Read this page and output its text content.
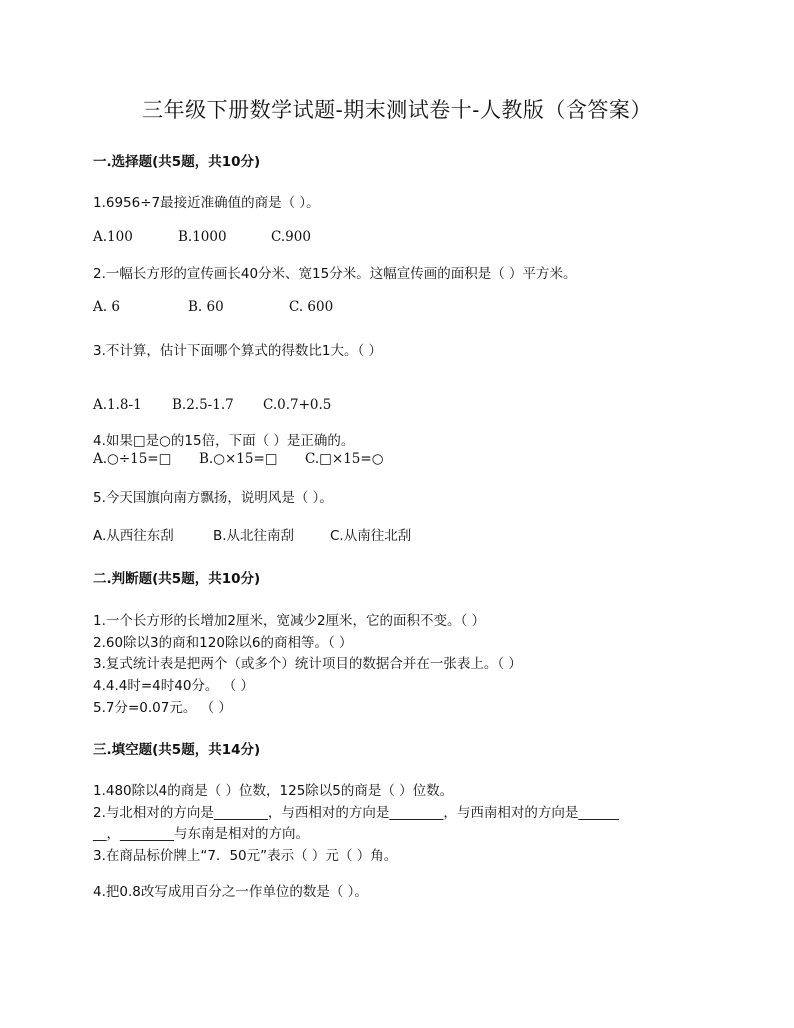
三年级下册数学试题-期末测试卷十-人教版（含答案）
一.选择题(共5题，共10分)
1.6956÷7最接近准确值的商是（ ）。
A.100	B.1000	C.900
2.一幅长方形的宣传画长40分米、宽15分米。这幅宣传画的面积是（ ）平方米。
A. 6	B. 60	C. 600
3.不计算，估计下面哪个算式的得数比1大。（ ）
A.1.8-1 B.2.5-1.7 C.0.7+0.5
4.如果□是○的15倍，下面（ ）是正确的。
A.○÷15=□ B.○×15=□ C.□×15=○
5.今天国旗向南方飘扬，说明风是（ ）。
A.从西往东刮	B.从北往南刮	C.从南往北刮
二.判断题(共5题，共10分)
1.一个长方形的长增加2厘米，宽减少2厘米，它的面积不变。（ ）
2.60除以3的商和120除以6的商相等。（ ）
3.复式统计表是把两个（或多个）统计项目的数据合并在一张表上。（ ）
4.4.4时=4时40分。 （ ）
5.7分=0.07元。 （ ）
三.填空题(共5题，共14分)
1.480除以4的商是（ ）位数，125除以5的商是（ ）位数。
2.与北相对的方向是________，与西相对的方向是________，与西南相对的方向是______
__，________与东南是相对的方向。
3.在商品标价牌上“7．50元”表示（ ）元（ ）角。
4.把0.8改写成用百分之一作单位的数是（ ）。
